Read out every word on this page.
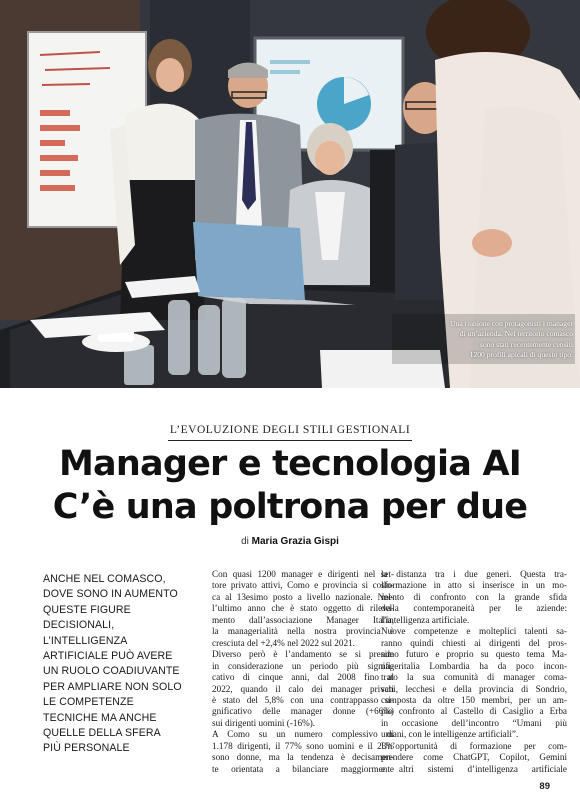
Una riunione con protagonisti i manager
di un’azienda. Nel territorio comasco
sono stati recentemente censiti
1200 profili apicali di questo tipo.
L’EVOLUZIONE DEGLI STILI GESTIONALI
Manager e tecnologia AI
C’è una poltrona per due
di Maria Grazia Gispi
ANCHE NEL COMASCO,
DOVE SONO IN AUMENTO
QUESTE FIGURE
DECISIONALI,
L’INTELLIGENZA
ARTIFICIALE PUÒ AVERE
UN RUOLO COADIUVANTE
PER AMPLIARE NON SOLO
LE COMPETENZE
TECNICHE MA ANCHE
QUELLE DELLA SFERA
PIÙ PERSONALE
Con quasi 1200 manager e dirigenti nel set-
tore privato attivi, Como e provincia si collo-
ca al 13esimo posto a livello nazionale. Nel-
l’ultimo anno che è stato oggetto di rileva-
mento dall’associazione Manager Italia,
la managerialità nella nostra provincia è
cresciuta del +2,4% nel 2022 sul 2021.
Diverso però è l’andamento se si prende
in considerazione un periodo più signifi-
cativo di cinque anni, dal 2008 fino al
2022, quando il calo dei manager privati
è stato del 5,8% con una contrappasso si-
gnificativo delle manager donne (+66%)
sui dirigenti uomini (-16%).
A Como su un numero complessivo di
1.178 dirigenti, il 77% sono uomini e il 23%
sono donne, ma la tendenza è decisamen-
te orientata a bilanciare maggiormente
la distanza tra i due generi. Questa tra-
sformazione in atto si inserisce in un mo-
mento di confronto con la grande sfida
della contemporaneità per le aziende:
l’intelligenza artificiale.
Nuove competenze e molteplici talenti sa-
ranno quindi chiesti ai dirigenti del pros-
simo futuro e proprio su questo tema Ma-
nageritalia Lombardia ha da poco incon-
trato la sua comunità di manager coma-
schi, lecchesi e della provincia di Sondrio,
composta da oltre 150 membri, per un am-
pio confronto al Castello di Casiglio a Erba
in occasione dell’incontro “Umani più
umani, con le intelligenze artificiali”.
Un’opportunità di formazione per com-
prendere come ChatGPT, Copilot, Gemini
e altri sistemi d’intelligenza artificiale
89
